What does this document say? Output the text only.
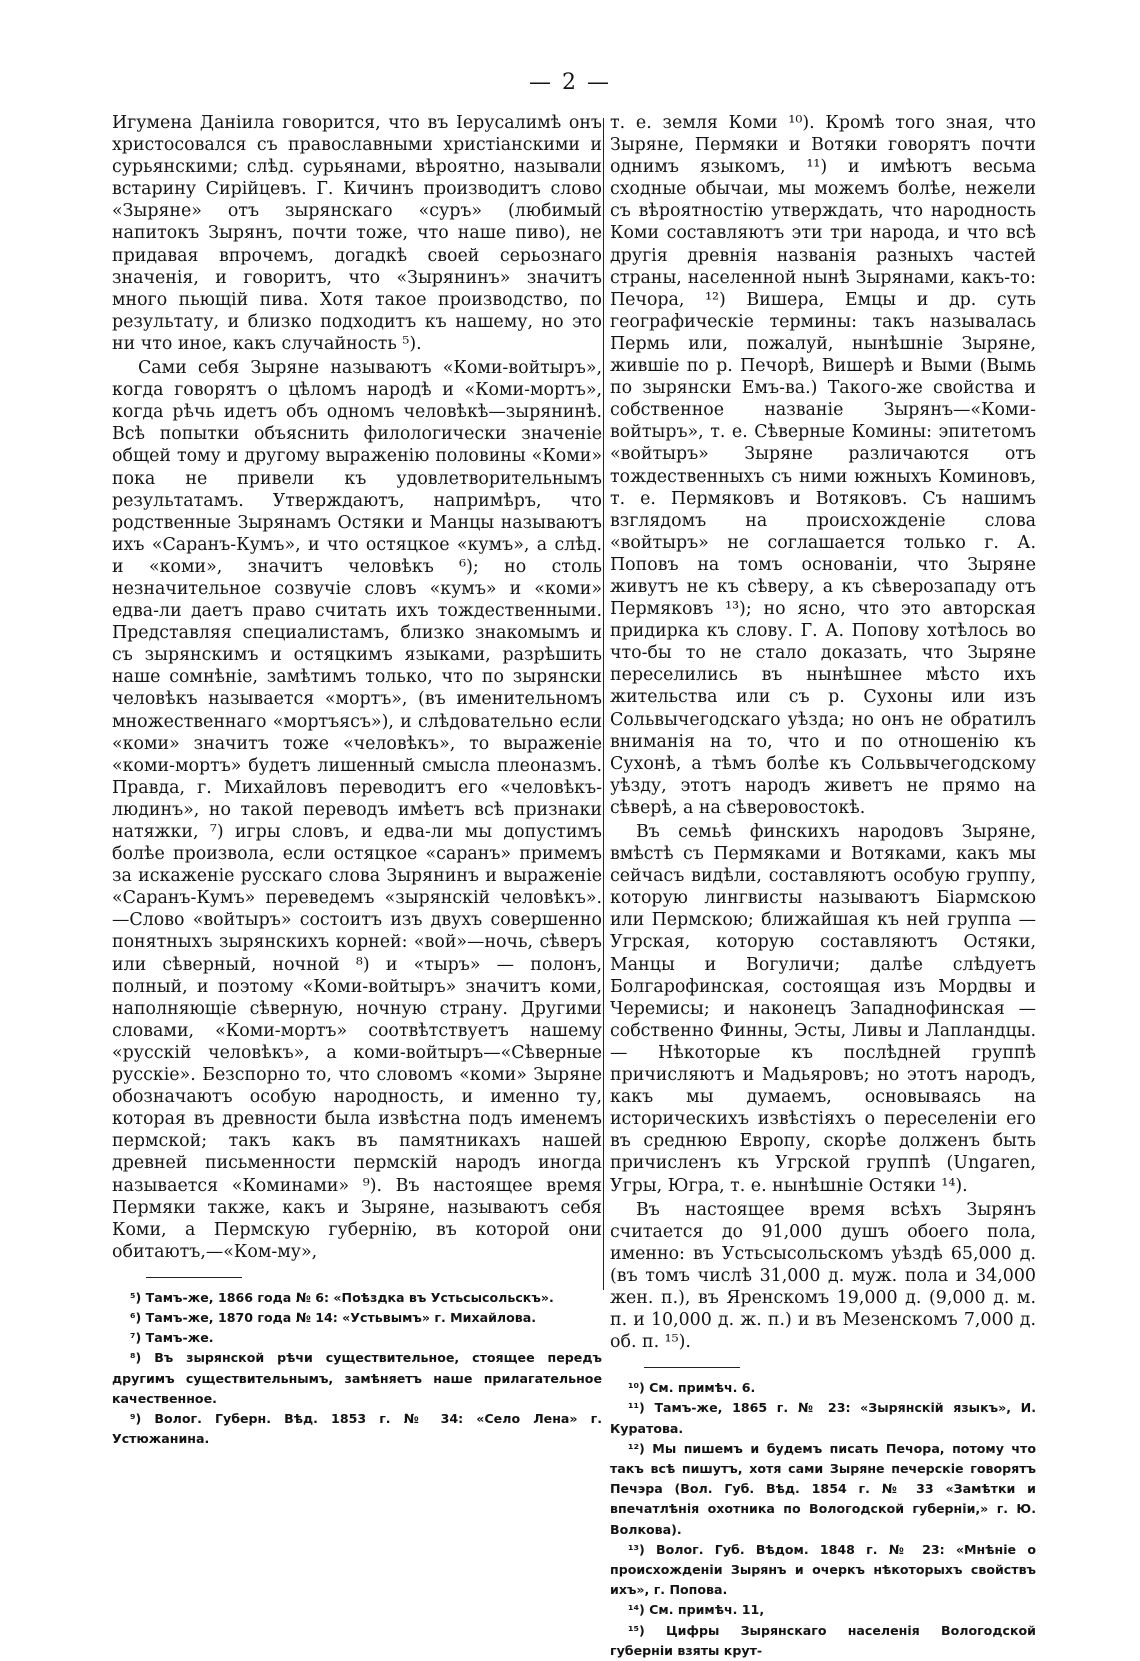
— 2 —

Игумена Даніила говорится, что въ Іерусалимѣ онъ христосовался съ православными христіанскими и сурьянскими; слѣд. сурьянами, вѣроятно, называли встарину Сирійцевъ. Г. Кичинъ производитъ слово «Зыряне» отъ зырянскаго «суръ» (любимый напитокъ Зырянъ, почти тоже, что наше пиво), не придавая впрочемъ, догадкѣ своей серьознаго значенія, и говоритъ, что «Зырянинъ» значитъ много пьющій пива. Хотя такое производство, по результату, и близко подходитъ къ нашему, но это ни что иное, какъ случайность ⁵).

Сами себя Зыряне называютъ «Коми-войтыръ», когда говорятъ о цѣломъ народѣ и «Коми-мортъ», когда рѣчь идетъ объ одномъ человѣкѣ—зырянинѣ. Всѣ попытки объяснить филологически значеніе общей тому и другому выраженію половины «Коми» пока не привели къ удовлетворительнымъ результатамъ. Утверждаютъ, напримѣръ, что родственные Зырянамъ Остяки и Манцы называютъ ихъ «Саранъ-Кумъ», и что остяцкое «кумъ», а слѣд. и «коми», значитъ человѣкъ ⁶); но столь незначительное созвучіе словъ «кумъ» и «коми» едва-ли даетъ право считать ихъ тождественными. Представляя специалистамъ, близко знакомымъ и съ зырянскимъ и остяцкимъ языками, разрѣшить наше сомнѣніе, замѣтимъ только, что по зырянски человѣкъ называется «мортъ», (въ именительномъ множественнаго «мортъясъ»), и слѣдовательно если «коми» значитъ тоже «человѣкъ», то выраженіе «коми-мортъ» будетъ лишенный смысла плеоназмъ. Правда, г. Михайловъ переводитъ его «человѣкъ-людинъ», но такой переводъ имѣетъ всѣ признаки натяжки, ⁷) игры словъ, и едва-ли мы допустимъ болѣе произвола, если остяцкое «саранъ» примемъ за искаженіе русскаго слова Зырянинъ и выраженіе «Саранъ-Кумъ» переведемъ «зырянскій человѣкъ».—Слово «войтыръ» состоитъ изъ двухъ совершенно понятныхъ зырянскихъ корней: «вой»—ночь, сѣверъ или сѣверный, ночной ⁸) и «тыръ» — полонъ, полный, и поэтому «Коми-войтыръ» значитъ коми, наполняющіе сѣверную, ночную страну. Другими словами, «Коми-мортъ» соотвѣтствуетъ нашему «русскій человѣкъ», а коми-войтыръ—«Сѣверные русскіе». Безспорно то, что словомъ «коми» Зыряне обозначаютъ особую народность, и именно ту, которая въ древности была извѣстна подъ именемъ пермской; такъ какъ въ памятникахъ нашей древней письменности пермскій народъ иногда называется «Коминами» ⁹). Въ настоящее время Пермяки также, какъ и Зыряне, называютъ себя Коми, а Пермскую губернію, въ которой они обитаютъ,—«Ком-му»,

⁵) Тамъ-же, 1866 года № 6: «Поѣздка въ Устьсысольскъ».

⁶) Тамъ-же, 1870 года № 14: «Устьвымъ» г. Михайлова.

⁷) Тамъ-же.

⁸) Въ зырянской рѣчи существительное, стоящее передъ другимъ существительнымъ, замѣняетъ наше прилагательное качественное.

⁹) Волог. Губерн. Вѣд. 1853 г. № 34: «Село Лена» г. Устюжанина.

т. е. земля Коми ¹⁰). Кромѣ того зная, что Зыряне, Пермяки и Вотяки говорятъ почти однимъ языкомъ, ¹¹) и имѣютъ весьма сходные обычаи, мы можемъ болѣе, нежели съ вѣроятностію утверждать, что народность Коми составляютъ эти три народа, и что всѣ другія древнія названія разныхъ частей страны, населенной нынѣ Зырянами, какъ-то: Печора, ¹²) Вишера, Емцы и др. суть географическіе термины: такъ называлась Пермь или, пожалуй, нынѣшніе Зыряне, жившіе по р. Печорѣ, Вишерѣ и Выми (Вымь по зырянски Емъ-ва.) Такого-же свойства и собственное названіе Зырянъ—«Коми-войтыръ», т. е. Сѣверные Комины: эпитетомъ «войтыръ» Зыряне различаются отъ тождественныхъ съ ними южныхъ Коминовъ, т. е. Пермяковъ и Вотяковъ. Съ нашимъ взглядомъ на происхожденіе слова «войтыръ» не соглашается только г. А. Поповъ на томъ основаніи, что Зыряне живутъ не къ сѣверу, а къ сѣверозападу отъ Пермяковъ ¹³); но ясно, что это авторская придирка къ слову. Г. А. Попову хотѣлось во что-бы то не стало доказать, что Зыряне переселились въ нынѣшнее мѣсто ихъ жительства или съ р. Сухоны или изъ Сольвычегодскаго уѣзда; но онъ не обратилъ вниманія на то, что и по отношенію къ Сухонѣ, а тѣмъ болѣе къ Сольвычегодскому уѣзду, этотъ народъ живетъ не прямо на сѣверѣ, а на сѣверовостокѣ.

Въ семьѣ финскихъ народовъ Зыряне, вмѣстѣ съ Пермяками и Вотяками, какъ мы сейчасъ видѣли, составляютъ особую группу, которую лингвисты называютъ Біармскою или Пермскою; ближайшая къ ней группа — Угрская, которую составляютъ Остяки, Манцы и Вогуличи; далѣе слѣдуетъ Болгарофинская, состоящая изъ Мордвы и Черемисы; и наконецъ Западнофинская — собственно Финны, Эсты, Ливы и Лапландцы. — Нѣкоторые къ послѣдней группѣ причисляютъ и Мадьяровъ; но этотъ народъ, какъ мы думаемъ, основываясь на историческихъ извѣстіяхъ о переселеніи его въ среднюю Европу, скорѣе долженъ быть причисленъ къ Угрской группѣ (Ungaren, Угры, Югра, т. е. нынѣшніе Остяки ¹⁴).

Въ настоящее время всѣхъ Зырянъ считается до 91,000 душъ обоего пола, именно: въ Устьсысольскомъ уѣздѣ 65,000 д. (въ томъ числѣ 31,000 д. муж. пола и 34,000 жен. п.), въ Яренскомъ 19,000 д. (9,000 д. м. п. и 10,000 д. ж. п.) и въ Мезенскомъ 7,000 д. об. п. ¹⁵).

¹⁰) См. примѣч. 6.

¹¹) Тамъ-же, 1865 г. № 23: «Зырянскій языкъ», И. Куратова.

¹²) Мы пишемъ и будемъ писать Печора, потому что такъ всѣ пишутъ, хотя сами Зыряне печерскіе говорятъ Печэра (Вол. Губ. Вѣд. 1854 г. № 33 «Замѣтки и впечатлѣнія охотника по Вологодской губерніи,» г. Ю. Волкова).

¹³) Волог. Губ. Вѣдом. 1848 г. № 23: «Мнѣніе о происхожденіи Зырянъ и очеркъ нѣкоторыхъ свойствъ ихъ», г. Попова.

¹⁴) См. примѣч. 11,

¹⁵) Цифры Зырянскаго населенія Вологодской губерніи взяты крут-
